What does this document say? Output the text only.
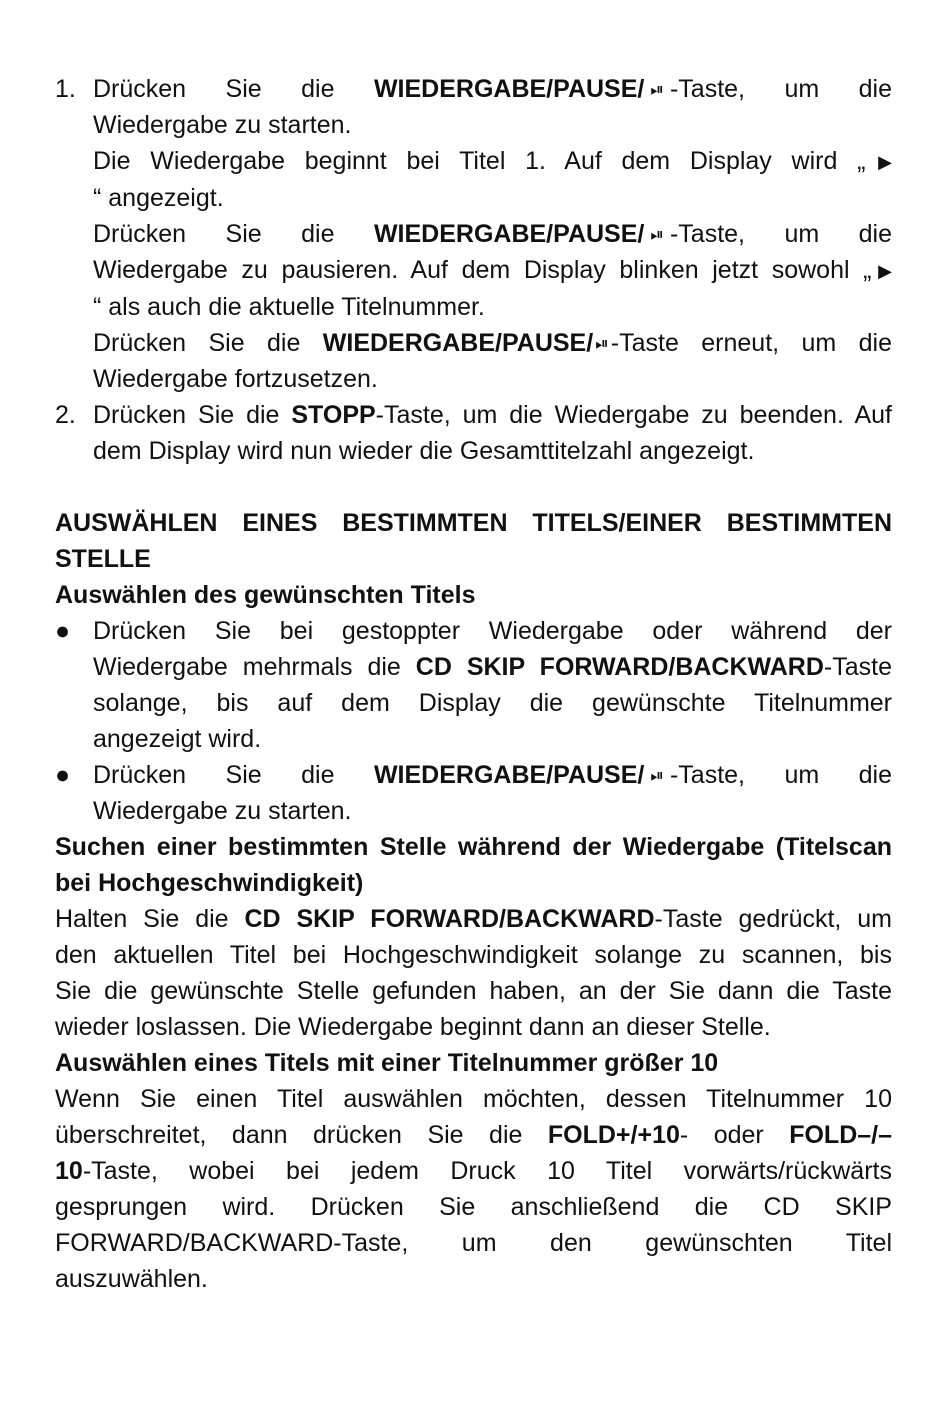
1. Drücken Sie die WIEDERGABE/PAUSE/ ⏯ -Taste, um die
Wiedergabe zu starten.
Die Wiedergabe beginnt bei Titel 1. Auf dem Display wird „▶
“ angezeigt.
Drücken Sie die WIEDERGABE/PAUSE/ ⏯ -Taste, um die
Wiedergabe zu pausieren. Auf dem Display blinken jetzt sowohl „▶
“ als auch die aktuelle Titelnummer.
Drücken Sie die WIEDERGABE/PAUSE/ ⏯-Taste erneut, um die
Wiedergabe fortzusetzen.
2. Drücken Sie die STOPP-Taste, um die Wiedergabe zu beenden. Auf
dem Display wird nun wieder die Gesamttitelzahl angezeigt.
AUSWÄHLEN EINES BESTIMMTEN TITELS/EINER BESTIMMTEN
STELLE
Auswählen des gewünschten Titels
● Drücken Sie bei gestoppter Wiedergabe oder während der
Wiedergabe mehrmals die CD SKIP FORWARD/BACKWARD-Taste
solange, bis auf dem Display die gewünschte Titelnummer
angezeigt wird.
● Drücken Sie die WIEDERGABE/PAUSE/ ⏯ -Taste, um die
Wiedergabe zu starten.
Suchen einer bestimmten Stelle während der Wiedergabe (Titelscan
bei Hochgeschwindigkeit)
Halten Sie die CD SKIP FORWARD/BACKWARD-Taste gedrückt, um
den aktuellen Titel bei Hochgeschwindigkeit solange zu scannen, bis
Sie die gewünschte Stelle gefunden haben, an der Sie dann die Taste
wieder loslassen. Die Wiedergabe beginnt dann an dieser Stelle.
Auswählen eines Titels mit einer Titelnummer größer 10
Wenn Sie einen Titel auswählen möchten, dessen Titelnummer 10
überschreitet, dann drücken Sie die FOLD+/+10- oder FOLD–/–
10-Taste, wobei bei jedem Druck 10 Titel vorwärts/rückwärts
gesprungen wird. Drücken Sie anschließend die CD SKIP
FORWARD/BACKWARD-Taste, um den gewünschten Titel
auszuwählen.
